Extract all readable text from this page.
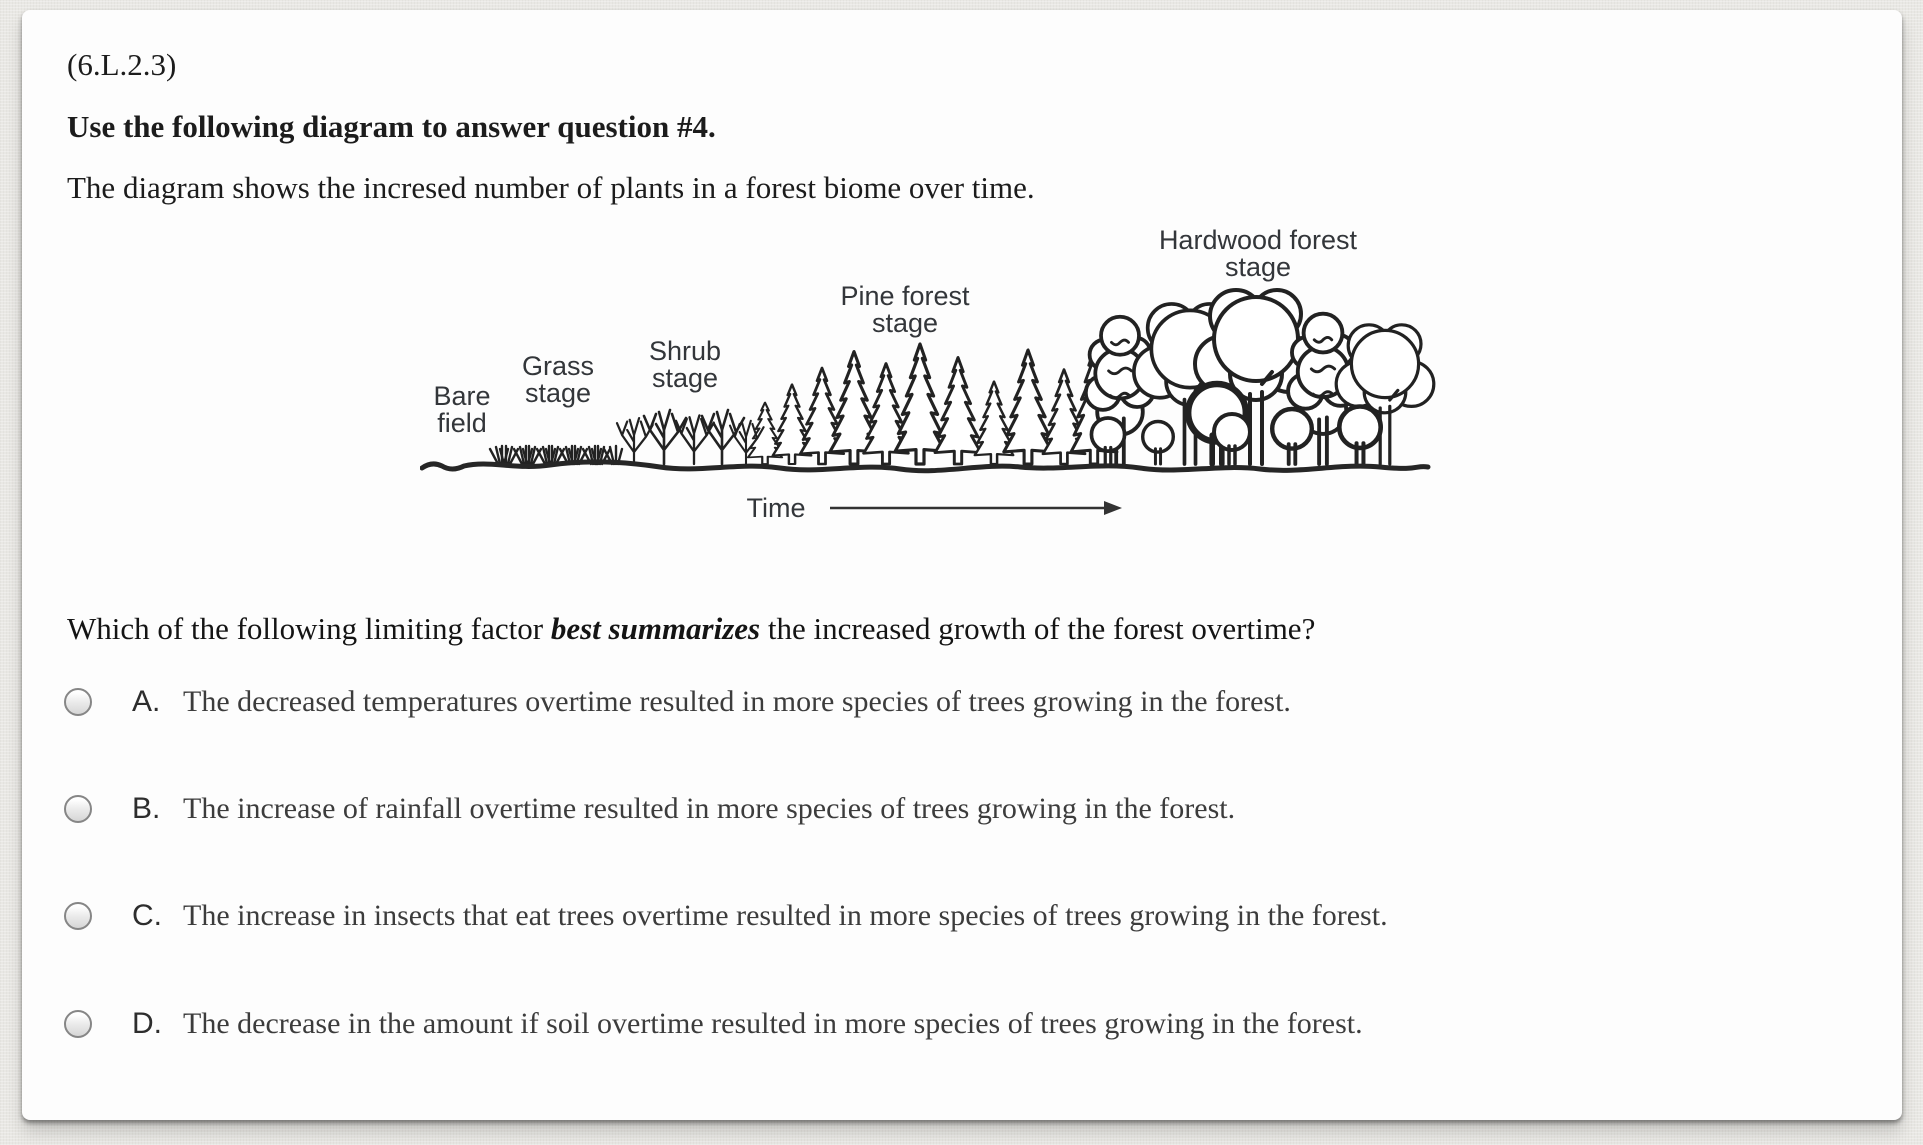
(6.L.2.3)
Use the following diagram to answer question #4.
The diagram shows the incresed number of plants in a forest biome over time.
Bare
field
Grass
stage
Shrub
stage
Pine forest
stage
Hardwood forest
stage
Time
Which of the following limiting factor best summarizes the increased growth of the forest overtime?
A. The decreased temperatures overtime resulted in more species of trees growing in the forest.
B. The increase of rainfall overtime resulted in more species of trees growing in the forest.
C. The increase in insects that eat trees overtime resulted in more species of trees growing in the forest.
D. The decrease in the amount if soil overtime resulted in more species of trees growing in the forest.
